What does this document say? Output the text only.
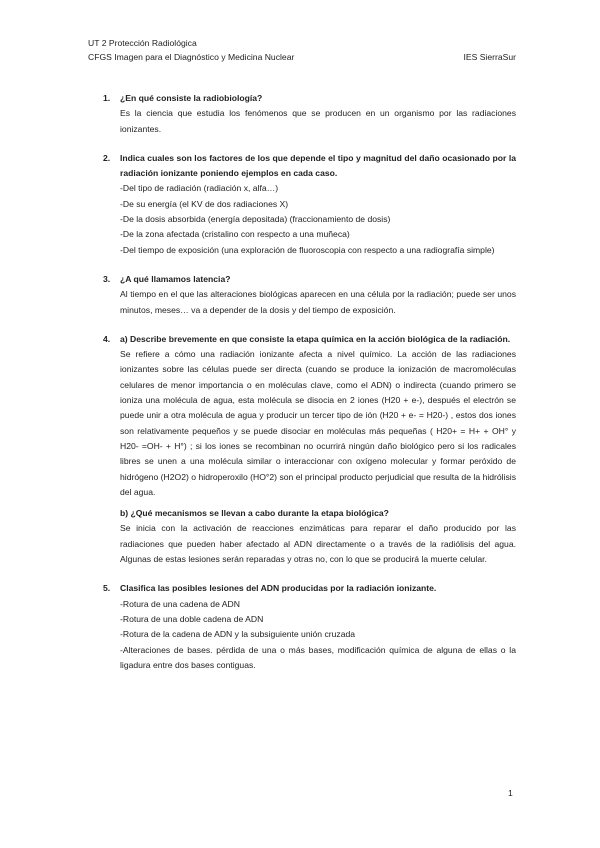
UT 2 Protección Radiológica
CFGS Imagen para el Diagnóstico y Medicina Nuclear	IES SierraSur
1. ¿En qué consiste la radiobiología?
Es la ciencia que estudia los fenómenos que se producen en un organismo por las radiaciones ionizantes.
2. Indica cuales son los factores de los que depende el tipo y magnitud del daño ocasionado por la radiación ionizante poniendo ejemplos en cada caso.
-Del tipo de radiación (radiación x, alfa…)
-De su energía (el KV de dos radiaciones X)
-De la dosis absorbida (energía depositada) (fraccionamiento de dosis)
-De la zona afectada (cristalino con respecto a una muñeca)
-Del tiempo de exposición (una exploración de fluoroscopia con respecto a una radiografía simple)
3. ¿A qué llamamos latencia?
Al tiempo en el que las alteraciones biológicas aparecen en una célula por la radiación; puede ser unos minutos, meses… va a depender de la dosis y del tiempo de exposición.
4. a) Describe brevemente en que consiste la etapa química en la acción biológica de la radiación.
Se refiere a cómo una radiación ionizante afecta a nivel químico. La acción de las radiaciones ionizantes sobre las células puede ser directa (cuando se produce la ionización de macromoléculas celulares de menor importancia o en moléculas clave, como el ADN) o indirecta (cuando primero se ioniza una molécula de agua, esta molécula se disocia en 2 iones (H20 + e-), después el electrón se puede unir a otra molécula de agua y producir un tercer tipo de ión (H20 + e- = H20-) , estos dos iones son relativamente pequeños y se puede disociar en moléculas más pequeñas ( H20+ = H+ + OH° y H20- =OH- + H°) ; si los iones se recombinan no ocurrirá ningún daño biológico pero si los radicales libres se unen a una molécula similar o interaccionar con oxígeno molecular y formar peróxido de hidrógeno (H2O2) o hidroperoxilo (HO°2) son el principal producto perjudicial que resulta de la hidrólisis del agua.
b) ¿Qué mecanismos se llevan a cabo durante la etapa biológica?
Se inicia con la activación de reacciones enzimáticas para reparar el daño producido por las radiaciones que pueden haber afectado al ADN directamente o a través de la radiólisis del agua. Algunas de estas lesiones serán reparadas y otras no, con lo que se producirá la muerte celular.
5. Clasifica las posibles lesiones del ADN producidas por la radiación ionizante.
-Rotura de una cadena de ADN
-Rotura de una doble cadena de ADN
-Rotura de la cadena de ADN y la subsiguiente unión cruzada
-Alteraciones de bases. pérdida de una o más bases, modificación química de alguna de ellas o la ligadura entre dos bases contiguas.
1
